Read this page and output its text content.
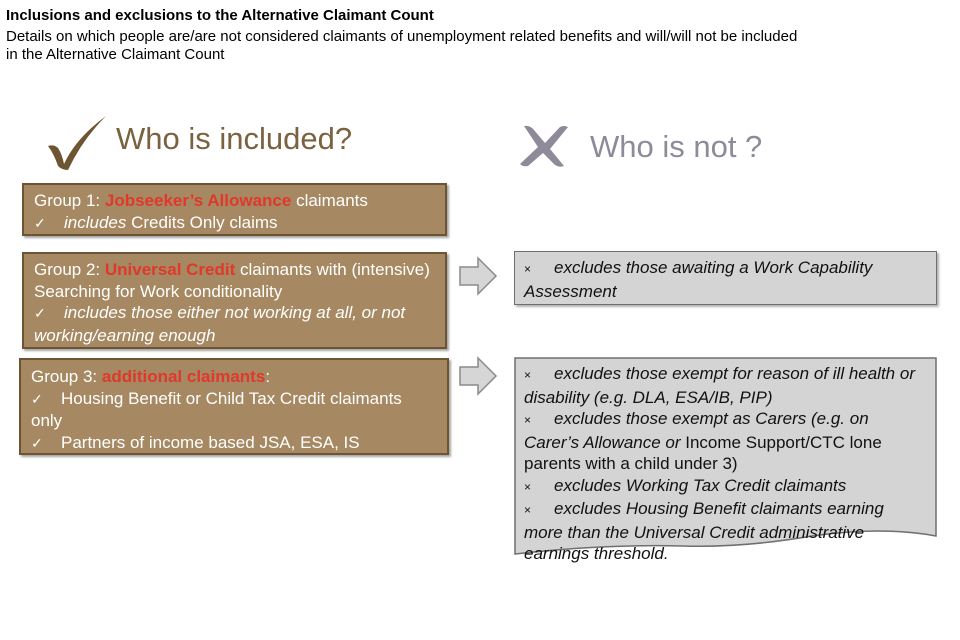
Inclusions and exclusions to the Alternative Claimant Count
Details on which people are/are not considered claimants of unemployment related benefits and will/will not be included in the Alternative Claimant Count
Who is included?	Who is not ?
Group 1: Jobseeker’s Allowance claimants
✓ includes Credits Only claims
Group 2: Universal Credit claimants with (intensive) Searching for Work conditionality
✓ includes those either not working at all, or not working/earning enough
Group 3: additional claimants:
✓ Housing Benefit or Child Tax Credit claimants only
✓ Partners of income based JSA, ESA, IS
× excludes those awaiting a Work Capability Assessment
× excludes those exempt for reason of ill health or disability (e.g. DLA, ESA/IB, PIP)
× excludes those exempt as Carers (e.g. on Carer’s Allowance or Income Support/CTC lone parents with a child under 3)
× excludes Working Tax Credit claimants
× excludes Housing Benefit claimants earning more than the Universal Credit administrative earnings threshold.
